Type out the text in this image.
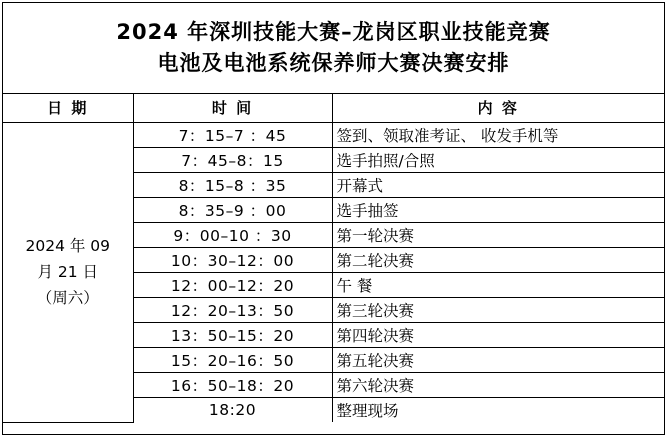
2024 年深圳技能大赛–龙岗区职业技能竞赛
电池及电池系统保养师大赛决赛安排
日 期	时 间	内 容

2024 年 09
月 21 日
（周六）	7：15–7 ：45	签到、领取准考证、 收发手机等
	7：45–8：15	选手拍照/合照
	8：15–8 ：35	开幕式
	8：35–9 ：00	选手抽签
	9：00–10 ：30	第一轮决赛
	10：30–12：00	第二轮决赛
	12：00–12：20	午 餐
	12：20–13：50	第三轮决赛
	13：50–15：20	第四轮决赛
	15：20–16：50	第五轮决赛
	16：50–18：20	第六轮决赛
	18:20	整理现场
